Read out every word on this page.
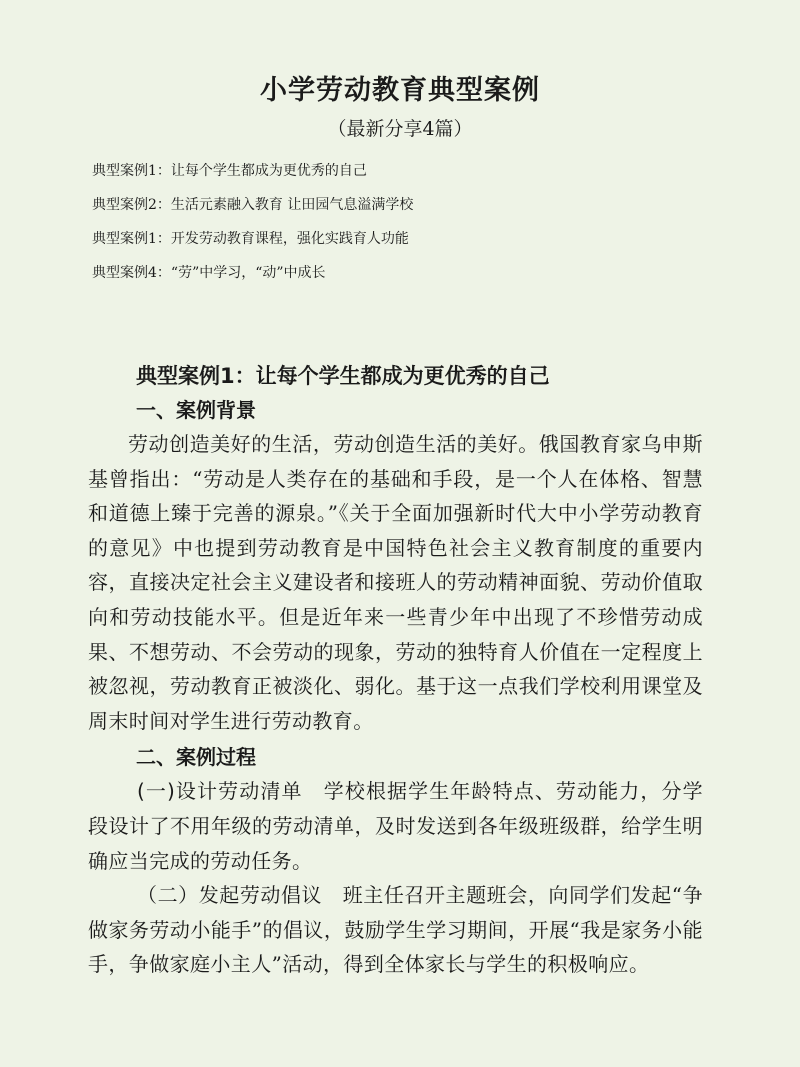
小学劳动教育典型案例
（最新分享4篇）
典型案例1：让每个学生都成为更优秀的自己
典型案例2：生活元素融入教育 让田园气息溢满学校
典型案例1：开发劳动教育课程，强化实践育人功能
典型案例4：“劳”中学习，“动”中成长
典型案例1：让每个学生都成为更优秀的自己
一、案例背景

劳动创造美好的生活，劳动创造生活的美好。俄国教育家乌申斯基曾指出：“劳动是人类存在的基础和手段，是一个人在体格、智慧和道德上臻于完善的源泉。”《关于全面加强新时代大中小学劳动教育的意见》中也提到劳动教育是中国特色社会主义教育制度的重要内容，直接决定社会主义建设者和接班人的劳动精神面貌、劳动价值取向和劳动技能水平。但是近年来一些青少年中出现了不珍惜劳动成果、不想劳动、不会劳动的现象，劳动的独特育人价值在一定程度上被忽视，劳动教育正被淡化、弱化。基于这一点我们学校利用课堂及周末时间对学生进行劳动教育。

二、案例过程

(一)设计劳动清单　学校根据学生年龄特点、劳动能力，分学段设计了不用年级的劳动清单，及时发送到各年级班级群，给学生明确应当完成的劳动任务。

（二）发起劳动倡议　班主任召开主题班会，向同学们发起“争做家务劳动小能手”的倡议，鼓励学生学习期间，开展“我是家务小能手，争做家庭小主人”活动，得到全体家长与学生的积极响应。
